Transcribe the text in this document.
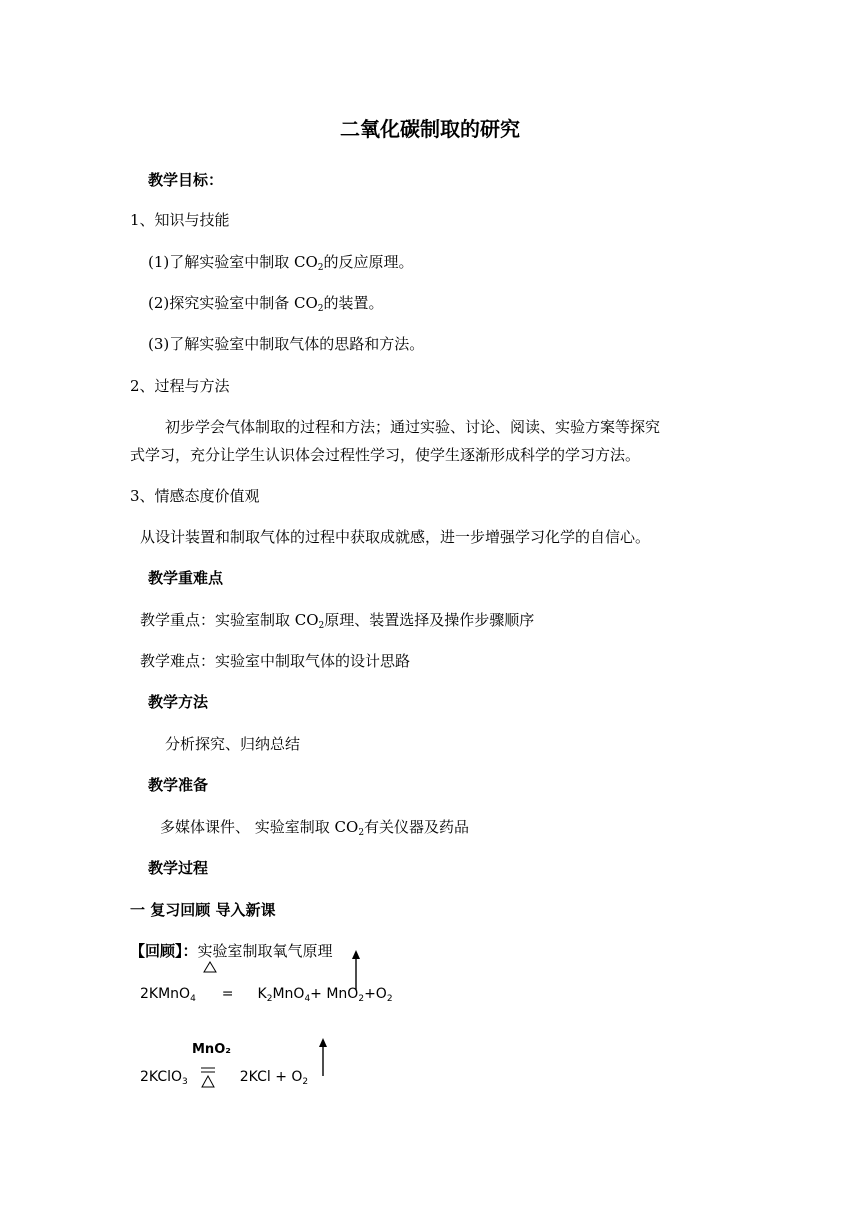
二氧化碳制取的研究
教学目标：
1、知识与技能
(1)了解实验室中制取 $CO_2$的反应原理。
(2)探究实验室中制备 $CO_2$的装置。
(3)了解实验室中制取气体的思路和方法。
2、过程与方法
初步学会气体制取的过程和方法；通过实验、讨论、阅读、实验方案等探究
式学习，充分让学生认识体会过程性学习，使学生逐渐形成科学的学习方法。
3、情感态度价值观
从设计装置和制取气体的过程中获取成就感，进一步增强学习化学的自信心。
教学重难点
教学重点：实验室制取 $CO_2$原理、装置选择及操作步骤顺序
教学难点：实验室中制取气体的设计思路
教学方法
分析探究、归纳总结
教学准备
多媒体课件、 实验室制取 $CO_2$有关仪器及药品
教学过程
一 复习回顾 导入新课
【回顾】：实验室制取氧气原理
2KMnO$_4$ = $K_2MnO_4+ MnO_2+O_2$
MnO₂
2KClO$_3$	$2KCl + O_2$
